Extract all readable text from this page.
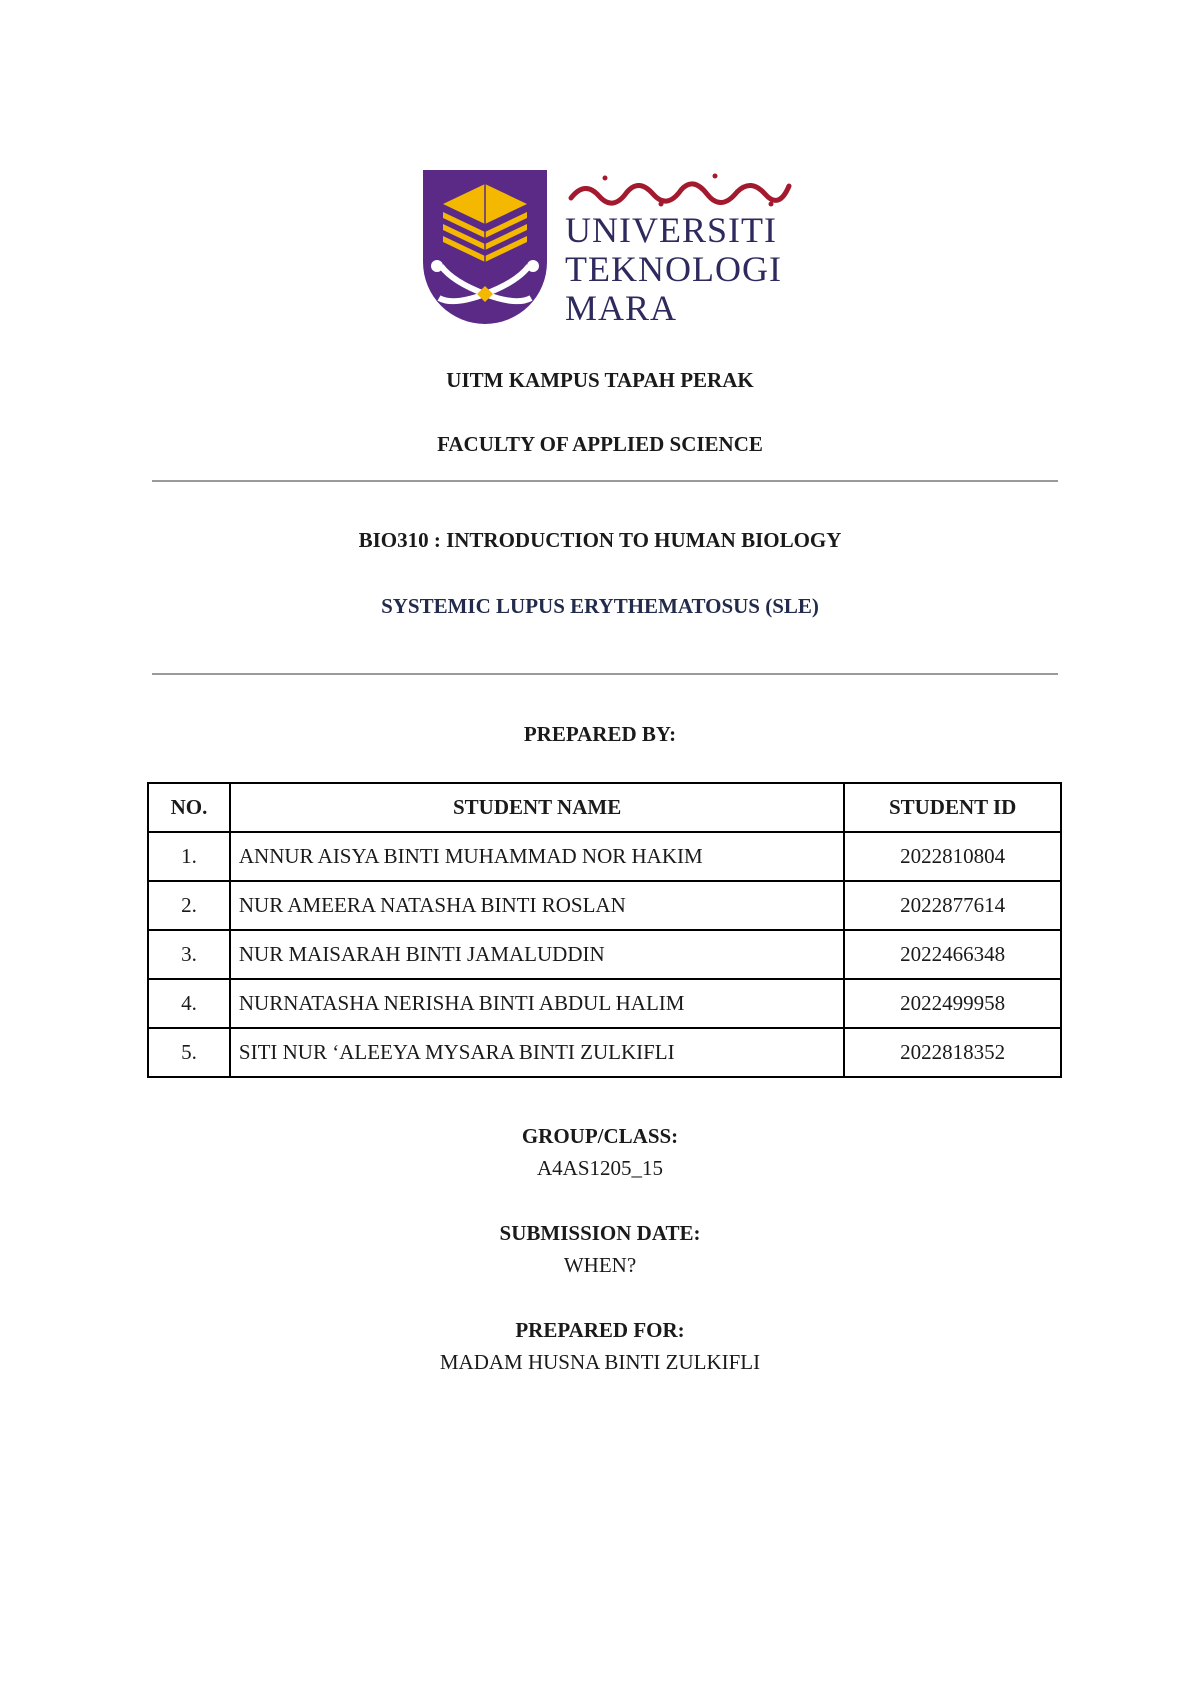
UNIVERSITI
TEKNOLOGI
MARA
UITM KAMPUS TAPAH PERAK
FACULTY OF APPLIED SCIENCE
BIO310 : INTRODUCTION TO HUMAN BIOLOGY
SYSTEMIC LUPUS ERYTHEMATOSUS (SLE)
PREPARED BY:
NO.	STUDENT NAME	STUDENT ID
1.	ANNUR AISYA BINTI MUHAMMAD NOR HAKIM	2022810804
2.	NUR AMEERA NATASHA BINTI ROSLAN	2022877614
3.	NUR MAISARAH BINTI JAMALUDDIN	2022466348
4.	NURNATASHA NERISHA BINTI ABDUL HALIM	2022499958
5.	SITI NUR ‘ALEEYA MYSARA BINTI ZULKIFLI	2022818352
GROUP/CLASS:
A4AS1205_15
SUBMISSION DATE:
WHEN?
PREPARED FOR:
MADAM HUSNA BINTI ZULKIFLI
